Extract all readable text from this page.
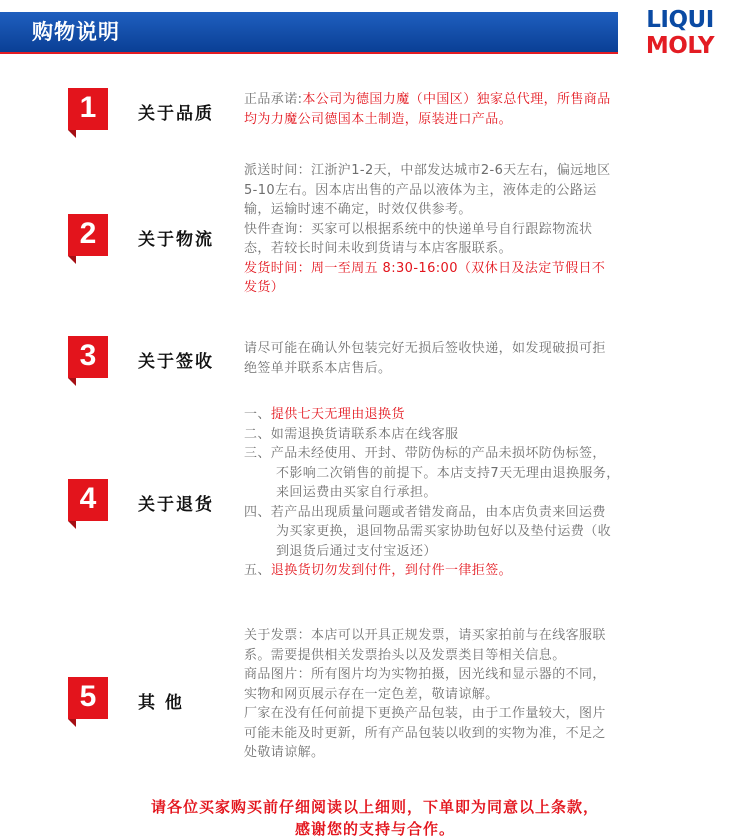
购物说明	LIQUI
MOLY
1	关于品质

正品承诺:本公司为德国力魔（中国区）独家总代理，所售商品

均为力魔公司德国本土制造，原装进口产品。

2	关于物流

派送时间：江浙沪1-2天，中部发达城市2-6天左右，偏远地区

5-10左右。因本店出售的产品以液体为主，液体走的公路运

输，运输时速不确定，时效仅供参考。

快件查询：买家可以根据系统中的快递单号自行跟踪物流状

态，若较长时间未收到货请与本店客服联系。

发货时间：周一至周五 8:30-16:00（双休日及法定节假日不

发货）

3	关于签收

请尽可能在确认外包装完好无损后签收快递，如发现破损可拒

绝签单并联系本店售后。

4	关于退货

一、提供七天无理由退换货

二、如需退换货请联系本店在线客服

三、产品未经使用、开封、带防伪标的产品未损坏防伪标签，

不影响二次销售的前提下。本店支持7天无理由退换服务，

来回运费由买家自行承担。

四、若产品出现质量问题或者错发商品，由本店负责来回运费

为买家更换，退回物品需买家协助包好以及垫付运费（收

到退货后通过支付宝返还）

五、退换货切勿发到付件，到付件一律拒签。

5	其 他

关于发票：本店可以开具正规发票，请买家拍前与在线客服联

系。需要提供相关发票抬头以及发票类目等相关信息。

商品图片：所有图片均为实物拍摄，因光线和显示器的不同，

实物和网页展示存在一定色差，敬请谅解。

厂家在没有任何前提下更换产品包装，由于工作量较大，图片

可能未能及时更新，所有产品包装以收到的实物为准，不足之

处敬请谅解。

请各位买家购买前仔细阅读以上细则，下单即为同意以上条款，

感谢您的支持与合作。
